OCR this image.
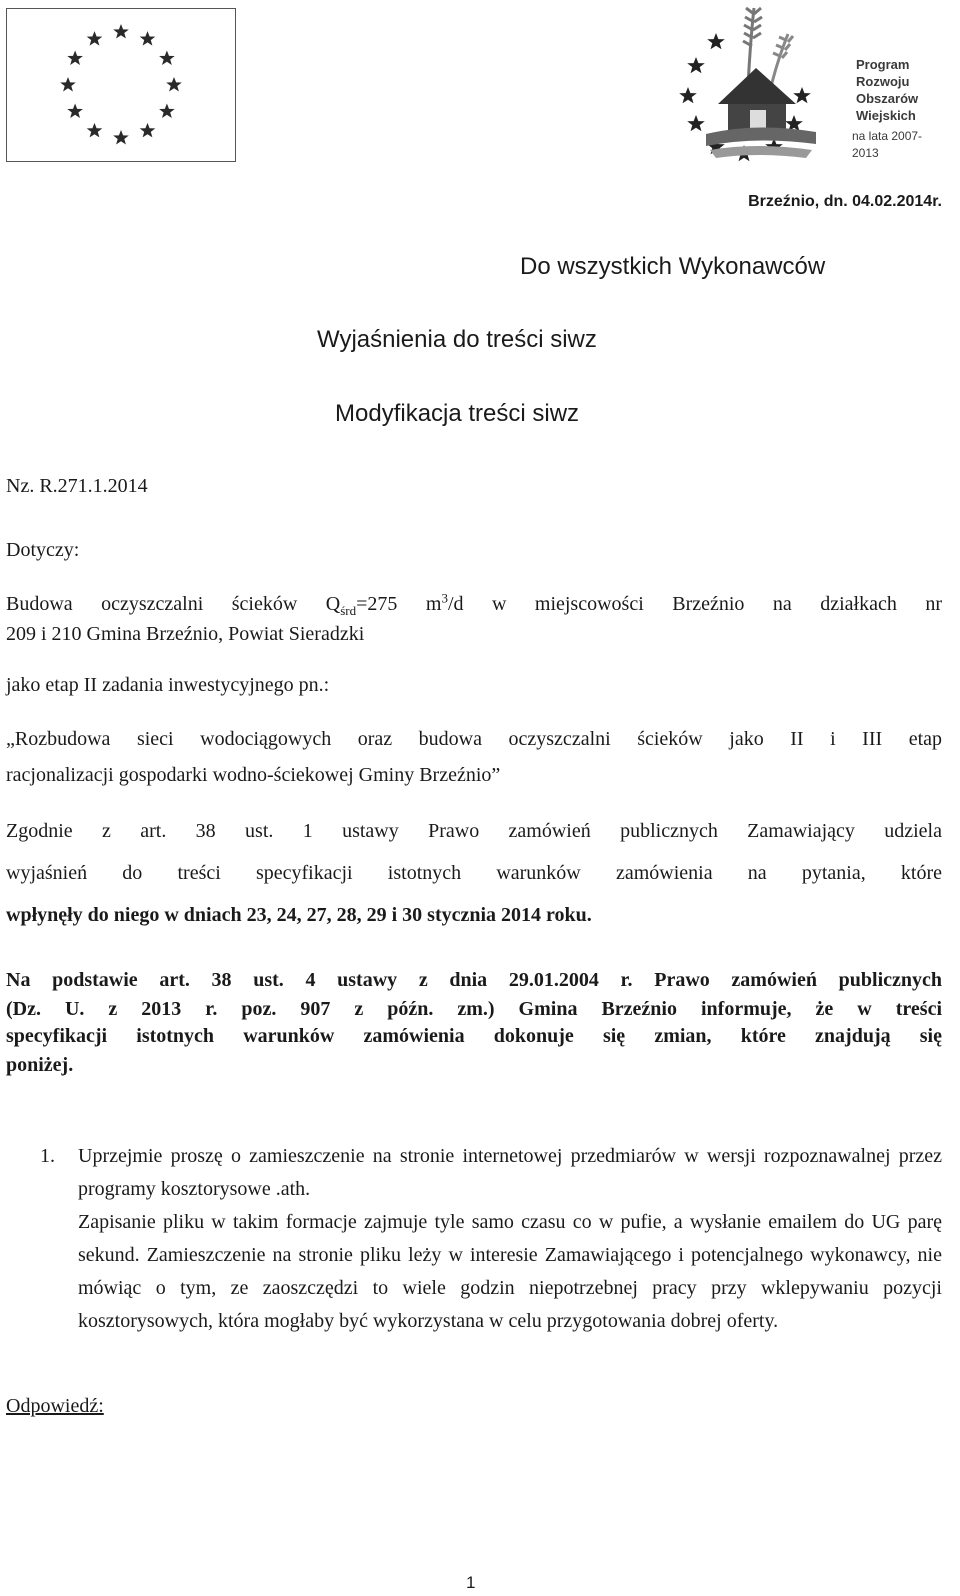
Program
Rozwoju
Obszarów
Wiejskich
na lata 2007-2013
Brzeźnio, dn. 04.02.2014r.
Do wszystkich Wykonawców
Wyjaśnienia do treści siwz
Modyfikacja treści siwz
Nz. R.271.1.2014
Dotyczy:
Budowa oczyszczalni ścieków $Q_{śrd}=275$ $m^3/d$ w miejscowości Brzeźnio na działkach nr
209 i 210 Gmina Brzeźnio, Powiat Sieradzki
jako etap II zadania inwestycyjnego pn.:
„Rozbudowa sieci wodociągowych oraz budowa oczyszczalni ścieków jako II i III etap
racjonalizacji gospodarki wodno-ściekowej Gminy Brzeźnio”
Zgodnie z art. 38 ust. 1 ustawy Prawo zamówień publicznych Zamawiający udziela
wyjaśnień do treści specyfikacji istotnych warunków zamówienia na pytania, które
wpłynęły do niego w dniach 23, 24, 27, 28, 29 i 30 stycznia 2014 roku.
Na podstawie art. 38 ust. 4 ustawy z dnia 29.01.2004 r. Prawo zamówień publicznych
(Dz. U. z 2013 r. poz. 907 z późn. zm.) Gmina Brzeźnio informuje, że w treści
specyfikacji istotnych warunków zamówienia dokonuje się zmian, które znajdują się
poniżej.
1. Uprzejmie proszę o zamieszczenie na stronie internetowej przedmiarów w wersji rozpoznawalnej przez programy kosztorysowe .ath.
Zapisanie pliku w takim formacje zajmuje tyle samo czasu co w pufie, a wysłanie emailem do UG parę sekund. Zamieszczenie na stronie pliku leży w interesie Zamawiającego i potencjalnego wykonawcy, nie mówiąc o tym, ze zaoszczędzi to wiele godzin niepotrzebnej pracy przy wklepywaniu pozycji kosztorysowych, która mogłaby być wykorzystana w celu przygotowania dobrej oferty.
Odpowiedź:
1
